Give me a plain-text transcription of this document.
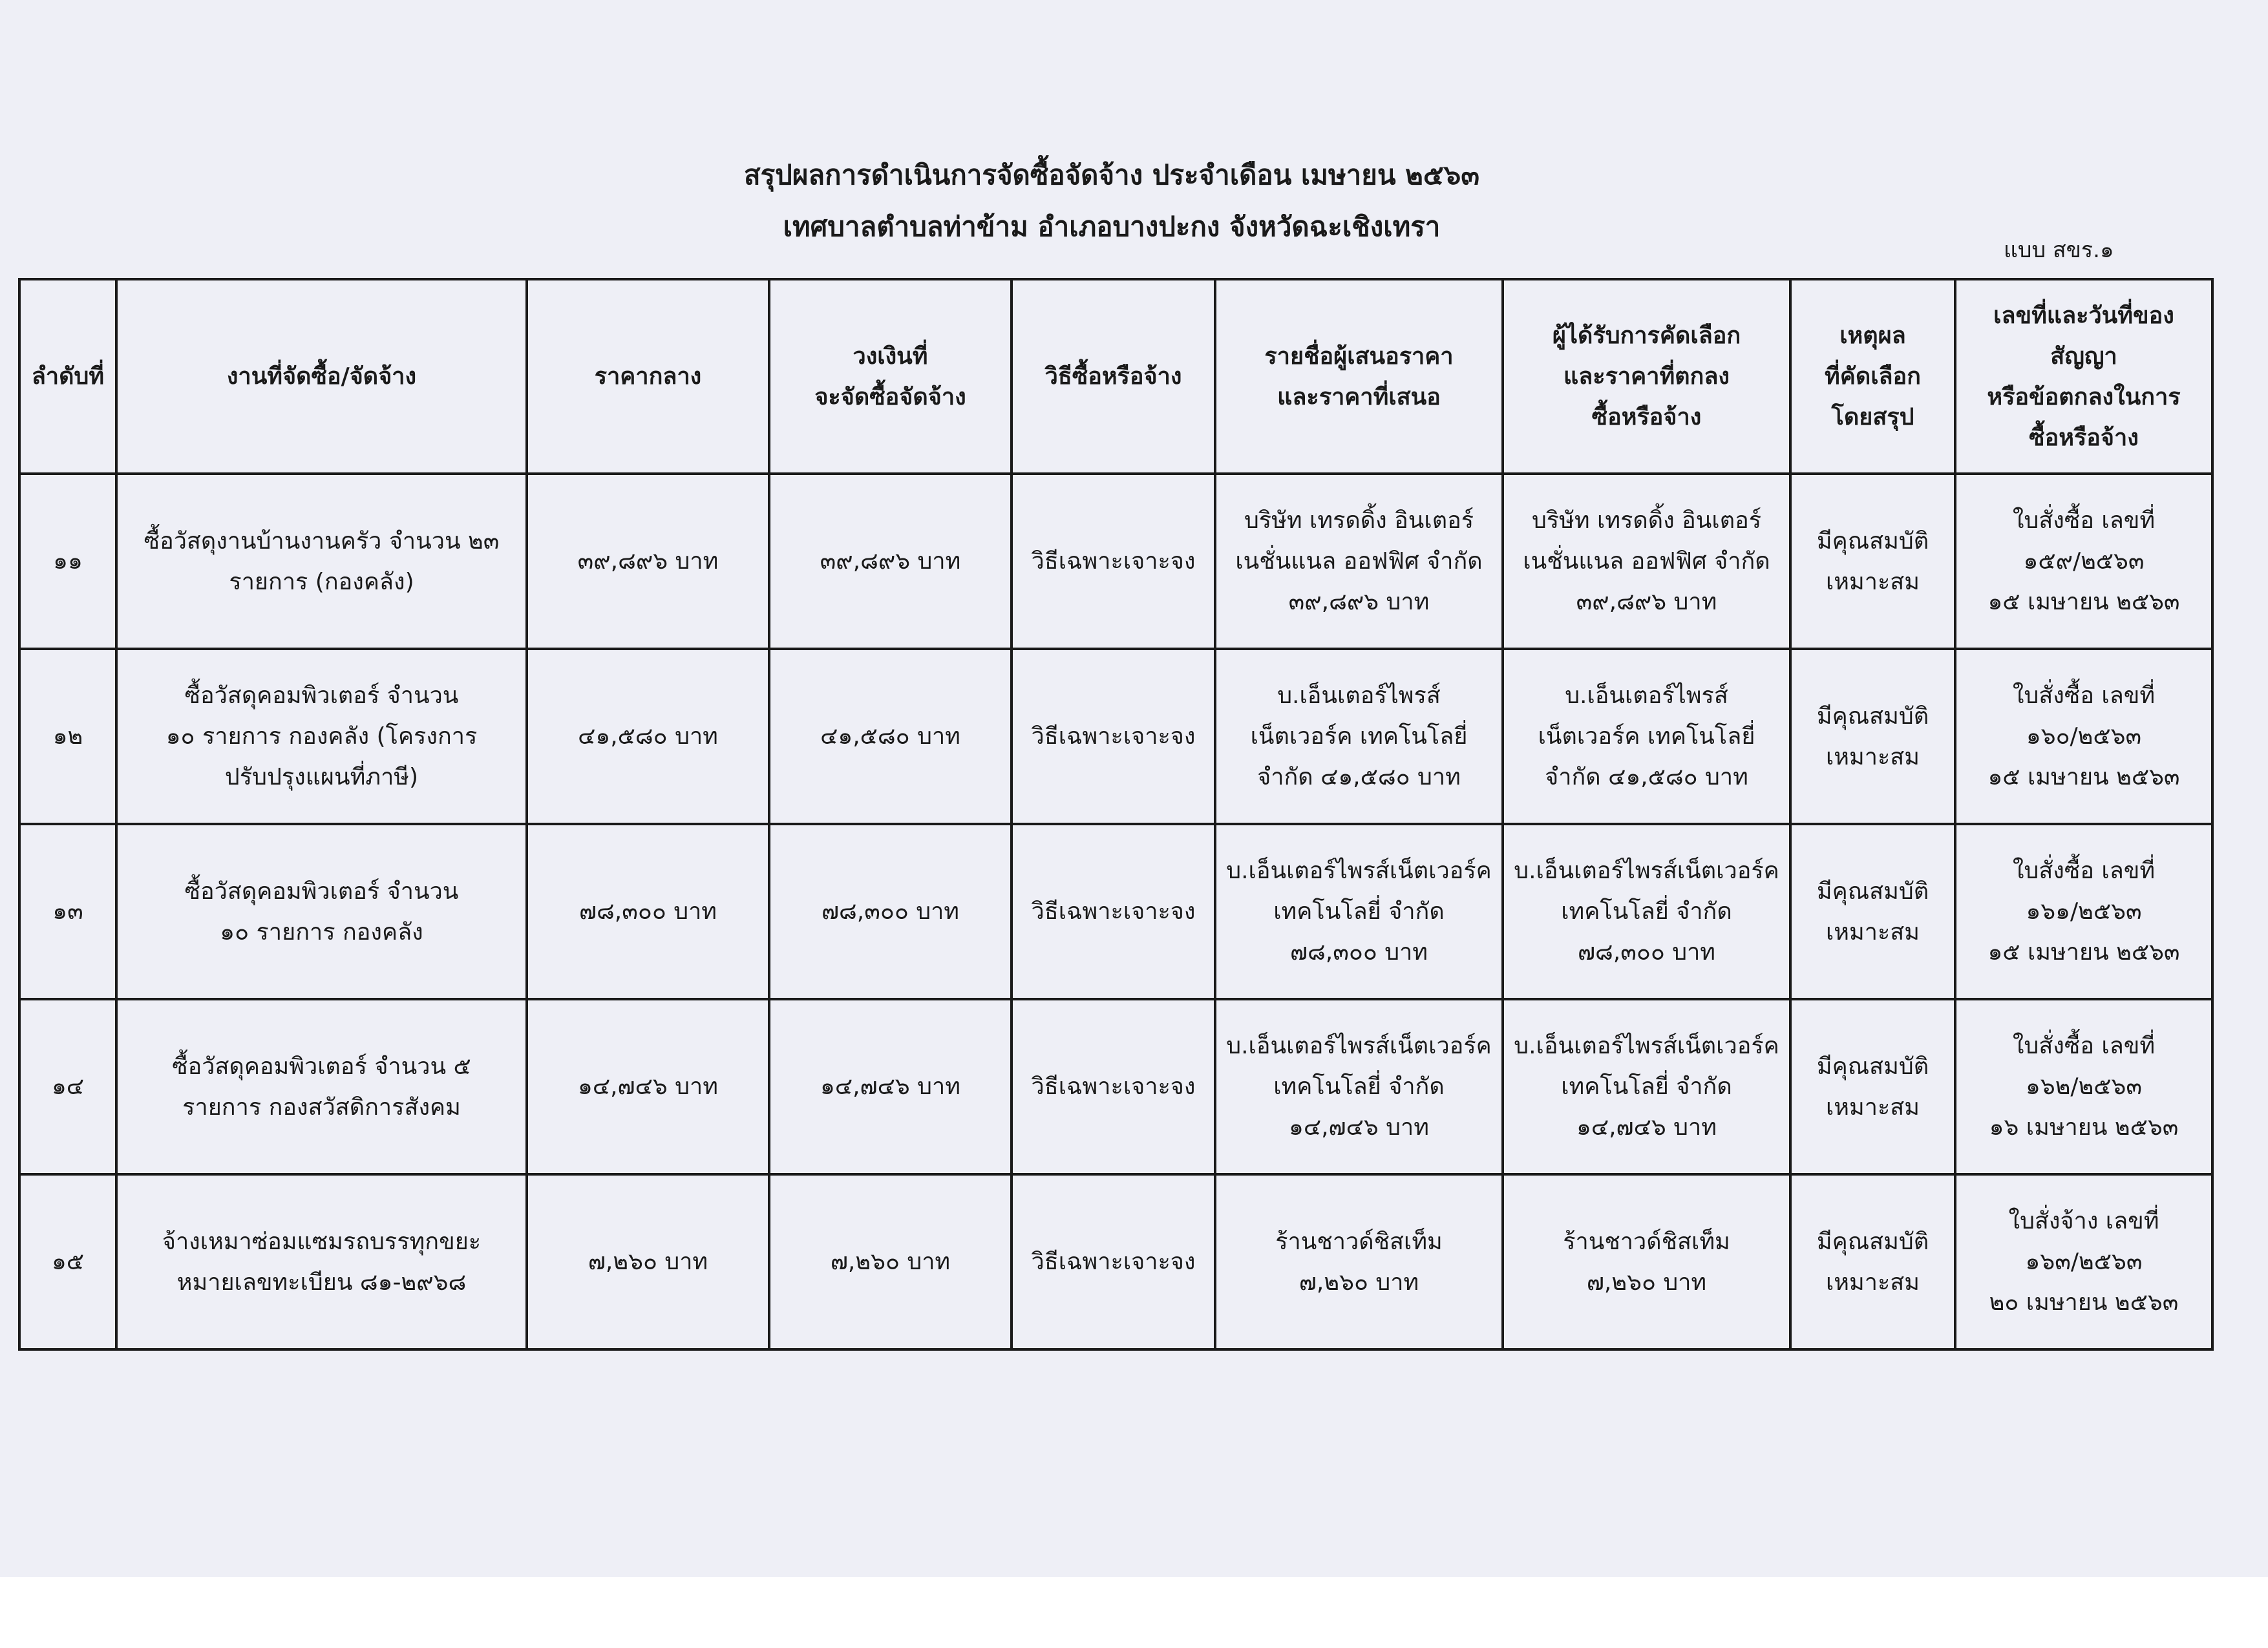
สรุปผลการดำเนินการจัดซื้อจัดจ้าง ประจำเดือน เมษายน ๒๕๖๓
เทศบาลตำบลท่าข้าม อำเภอบางปะกง จังหวัดฉะเชิงเทรา
แบบ สขร.๑
ลำดับที่	งานที่จัดซื้อ/จัดจ้าง	ราคากลาง	วงเงินที่
จะจัดซื้อจัดจ้าง	วิธีซื้อหรือจ้าง	รายชื่อผู้เสนอราคา
และราคาที่เสนอ	ผู้ได้รับการคัดเลือก
และราคาที่ตกลง
ซื้อหรือจ้าง	เหตุผล
ที่คัดเลือก
โดยสรุป	เลขที่และวันที่ของ
สัญญา
หรือข้อตกลงในการ
ซื้อหรือจ้าง
๑๑	ซื้อวัสดุงานบ้านงานครัว จำนวน ๒๓
รายการ (กองคลัง)	๓๙,๘๙๖ บาท	๓๙,๘๙๖ บาท	วิธีเฉพาะเจาะจง	บริษัท เทรดดิ้ง อินเตอร์
เนชั่นแนล ออฟฟิศ จำกัด
๓๙,๘๙๖ บาท	บริษัท เทรดดิ้ง อินเตอร์
เนชั่นแนล ออฟฟิศ จำกัด
๓๙,๘๙๖ บาท	มีคุณสมบัติ
เหมาะสม	ใบสั่งซื้อ เลขที่
๑๕๙/๒๕๖๓
๑๕ เมษายน ๒๕๖๓
๑๒	ซื้อวัสดุคอมพิวเตอร์ จำนวน
๑๐ รายการ กองคลัง (โครงการ
ปรับปรุงแผนที่ภาษี)	๔๑,๕๘๐ บาท	๔๑,๕๘๐ บาท	วิธีเฉพาะเจาะจง	บ.เอ็นเตอร์ไพรส์
เน็ตเวอร์ค เทคโนโลยี่
จำกัด ๔๑,๕๘๐ บาท	บ.เอ็นเตอร์ไพรส์
เน็ตเวอร์ค เทคโนโลยี่
จำกัด ๔๑,๕๘๐ บาท	มีคุณสมบัติ
เหมาะสม	ใบสั่งซื้อ เลขที่
๑๖๐/๒๕๖๓
๑๕ เมษายน ๒๕๖๓
๑๓	ซื้อวัสดุคอมพิวเตอร์ จำนวน
๑๐ รายการ กองคลัง	๗๘,๓๐๐ บาท	๗๘,๓๐๐ บาท	วิธีเฉพาะเจาะจง	บ.เอ็นเตอร์ไพรส์เน็ตเวอร์ค
เทคโนโลยี่ จำกัด
๗๘,๓๐๐ บาท	บ.เอ็นเตอร์ไพรส์เน็ตเวอร์ค
เทคโนโลยี่ จำกัด
๗๘,๓๐๐ บาท	มีคุณสมบัติ
เหมาะสม	ใบสั่งซื้อ เลขที่
๑๖๑/๒๕๖๓
๑๕ เมษายน ๒๕๖๓
๑๔	ซื้อวัสดุคอมพิวเตอร์ จำนวน ๕
รายการ กองสวัสดิการสังคม	๑๔,๗๔๖ บาท	๑๔,๗๔๖ บาท	วิธีเฉพาะเจาะจง	บ.เอ็นเตอร์ไพรส์เน็ตเวอร์ค
เทคโนโลยี่ จำกัด
๑๔,๗๔๖ บาท	บ.เอ็นเตอร์ไพรส์เน็ตเวอร์ค
เทคโนโลยี่ จำกัด
๑๔,๗๔๖ บาท	มีคุณสมบัติ
เหมาะสม	ใบสั่งซื้อ เลขที่
๑๖๒/๒๕๖๓
๑๖ เมษายน ๒๕๖๓
๑๕	จ้างเหมาซ่อมแซมรถบรรทุกขยะ
หมายเลขทะเบียน ๘๑-๒๙๖๘	๗,๒๖๐ บาท	๗,๒๖๐ บาท	วิธีเฉพาะเจาะจง	ร้านชาวด์ชิสเท็ม
๗,๒๖๐ บาท	ร้านชาวด์ชิสเท็ม
๗,๒๖๐ บาท	มีคุณสมบัติ
เหมาะสม	ใบสั่งจ้าง เลขที่
๑๖๓/๒๕๖๓
๒๐ เมษายน ๒๕๖๓
